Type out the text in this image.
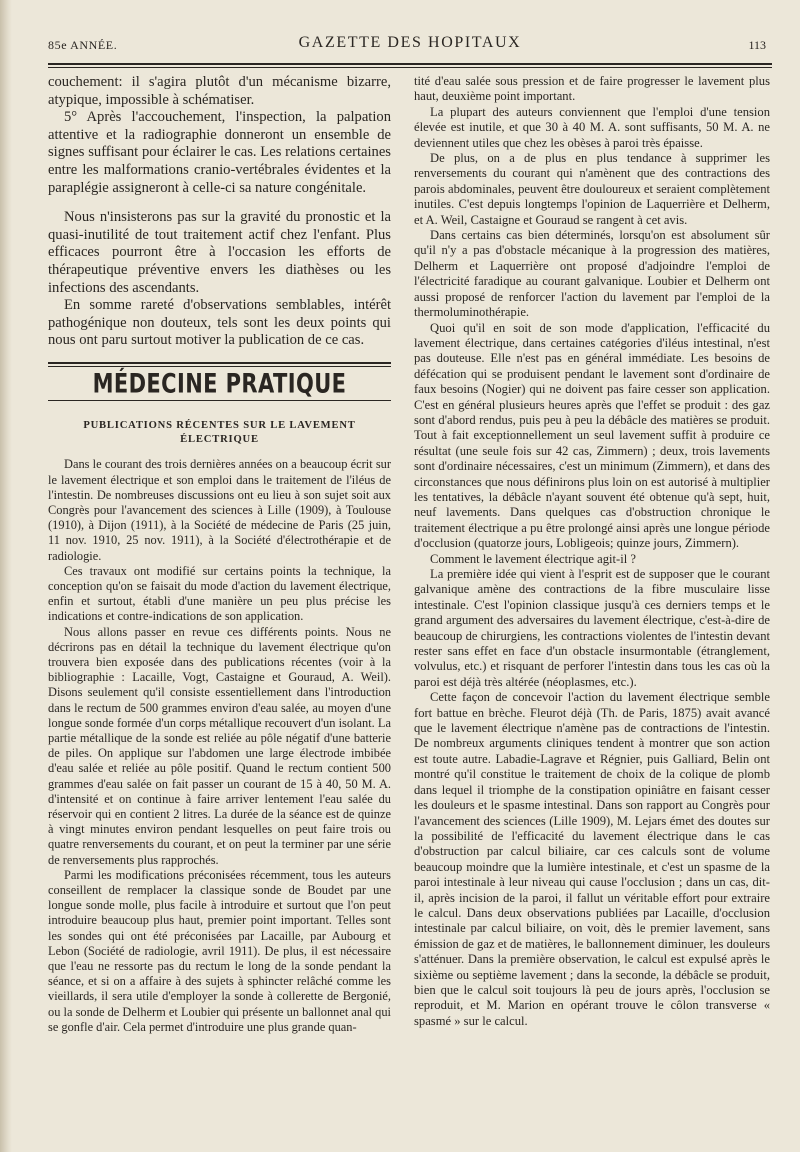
85e ANNÉE.	GAZETTE DES HOPITAUX	113

couchement: il s'agira plutôt d'un mécanisme bizarre, atypique, impossible à schématiser.

5° Après l'accouchement, l'inspection, la palpation attentive et la radiographie donneront un ensemble de signes suffisant pour éclairer le cas. Les relations certaines entre les malformations cranio-vertébrales évidentes et la paraplégie assigneront à celle-ci sa nature congénitale.

Nous n'insisterons pas sur la gravité du pronostic et la quasi-inutilité de tout traitement actif chez l'enfant. Plus efficaces pourront être à l'occasion les efforts de thérapeutique préventive envers les diathèses ou les infections des ascendants.

En somme rareté d'observations semblables, intérêt pathogénique non douteux, tels sont les deux points qui nous ont paru surtout motiver la publication de ce cas.

MÉDECINE PRATIQUE
PUBLICATIONS RÉCENTES SUR LE LAVEMENT ÉLECTRIQUE

Dans le courant des trois dernières années on a beaucoup écrit sur le lavement électrique et son emploi dans le traitement de l'iléus de l'intestin. De nombreuses discussions ont eu lieu à son sujet soit aux Congrès pour l'avancement des sciences à Lille (1909), à Toulouse (1910), à Dijon (1911), à la Société de médecine de Paris (25 juin, 11 nov. 1910, 25 nov. 1911), à la Société d'électrothérapie et de radiologie.

Ces travaux ont modifié sur certains points la technique, la conception qu'on se faisait du mode d'action du lavement électrique, enfin et surtout, établi d'une manière un peu plus précise les indications et contre-indications de son application.

Nous allons passer en revue ces différents points. Nous ne décrirons pas en détail la technique du lavement électrique qu'on trouvera bien exposée dans des publications récentes (voir à la bibliographie : Lacaille, Vogt, Castaigne et Gouraud, A. Weil). Disons seulement qu'il consiste essentiellement dans l'introduction dans le rectum de 500 grammes environ d'eau salée, au moyen d'une longue sonde formée d'un corps métallique recouvert d'un isolant. La partie métallique de la sonde est reliée au pôle négatif d'une batterie de piles. On applique sur l'abdomen une large électrode imbibée d'eau salée et reliée au pôle positif. Quand le rectum contient 500 grammes d'eau salée on fait passer un courant de 15 à 40, 50 M. A. d'intensité et on continue à faire arriver lentement l'eau salée du réservoir qui en contient 2 litres. La durée de la séance est de quinze à vingt minutes environ pendant lesquelles on peut faire trois ou quatre renversements du courant, et on peut la terminer par une série de renversements plus rapprochés.

Parmi les modifications préconisées récemment, tous les auteurs conseillent de remplacer la classique sonde de Boudet par une longue sonde molle, plus facile à introduire et surtout que l'on peut introduire beaucoup plus haut, premier point important. Telles sont les sondes qui ont été préconisées par Lacaille, par Aubourg et Lebon (Société de radiologie, avril 1911). De plus, il est nécessaire que l'eau ne ressorte pas du rectum le long de la sonde pendant la séance, et si on a affaire à des sujets à sphincter relâché comme les vieillards, il sera utile d'employer la sonde à collerette de Bergonié, ou la sonde de Delherm et Loubier qui présente un ballonnet anal qui se gonfle d'air. Cela permet d'introduire une plus grande quan-

tité d'eau salée sous pression et de faire progresser le lavement plus haut, deuxième point important.

La plupart des auteurs conviennent que l'emploi d'une tension élevée est inutile, et que 30 à 40 M. A. sont suffisants, 50 M. A. ne deviennent utiles que chez les obèses à paroi très épaisse.

De plus, on a de plus en plus tendance à supprimer les renversements du courant qui n'amènent que des contractions des parois abdominales, peuvent être douloureux et seraient complètement inutiles. C'est depuis longtemps l'opinion de Laquerrière et Delherm, et A. Weil, Castaigne et Gouraud se rangent à cet avis.

Dans certains cas bien déterminés, lorsqu'on est absolument sûr qu'il n'y a pas d'obstacle mécanique à la progression des matières, Delherm et Laquerrière ont proposé d'adjoindre l'emploi de l'électricité faradique au courant galvanique. Loubier et Delherm ont aussi proposé de renforcer l'action du lavement par l'emploi de la thermoluminothérapie.

Quoi qu'il en soit de son mode d'application, l'efficacité du lavement électrique, dans certaines catégories d'iléus intestinal, n'est pas douteuse. Elle n'est pas en général immédiate. Les besoins de défécation qui se produisent pendant le lavement sont d'ordinaire de faux besoins (Nogier) qui ne doivent pas faire cesser son application. C'est en général plusieurs heures après que l'effet se produit : des gaz sont d'abord rendus, puis peu à peu la débâcle des matières se produit. Tout à fait exceptionnellement un seul lavement suffit à produire ce résultat (une seule fois sur 42 cas, Zimmern) ; deux, trois lavements sont d'ordinaire nécessaires, c'est un minimum (Zimmern), et dans des circonstances que nous définirons plus loin on est autorisé à multiplier les tentatives, la débâcle n'ayant souvent été obtenue qu'à sept, huit, neuf lavements. Dans quelques cas d'obstruction chronique le traitement électrique a pu être prolongé ainsi après une longue période d'occlusion (quatorze jours, Lobligeois; quinze jours, Zimmern).

Comment le lavement électrique agit-il ?

La première idée qui vient à l'esprit est de supposer que le courant galvanique amène des contractions de la fibre musculaire lisse intestinale. C'est l'opinion classique jusqu'à ces derniers temps et le grand argument des adversaires du lavement électrique, c'est-à-dire de beaucoup de chirurgiens, les contractions violentes de l'intestin devant rester sans effet en face d'un obstacle insurmontable (étranglement, volvulus, etc.) et risquant de perforer l'intestin dans tous les cas où la paroi est déjà très altérée (néoplasmes, etc.).

Cette façon de concevoir l'action du lavement électrique semble fort battue en brèche. Fleurot déjà (Th. de Paris, 1875) avait avancé que le lavement électrique n'amène pas de contractions de l'intestin. De nombreux arguments cliniques tendent à montrer que son action est toute autre. Labadie-Lagrave et Régnier, puis Galliard, Belin ont montré qu'il constitue le traitement de choix de la colique de plomb dans lequel il triomphe de la constipation opiniâtre en faisant cesser les douleurs et le spasme intestinal. Dans son rapport au Congrès pour l'avancement des sciences (Lille 1909), M. Lejars émet des doutes sur la possibilité de l'efficacité du lavement électrique dans le cas d'obstruction par calcul biliaire, car ces calculs sont de volume beaucoup moindre que la lumière intestinale, et c'est un spasme de la paroi intestinale à leur niveau qui cause l'occlusion ; dans un cas, dit-il, après incision de la paroi, il fallut un véritable effort pour extraire le calcul. Dans deux observations publiées par Lacaille, d'occlusion intestinale par calcul biliaire, on voit, dès le premier lavement, sans émission de gaz et de matières, le ballonnement diminuer, les douleurs s'atténuer. Dans la première observation, le calcul est expulsé après le sixième ou septième lavement ; dans la seconde, la débâcle se produit, bien que le calcul soit toujours là peu de jours après, l'occlusion se reproduit, et M. Marion en opérant trouve le côlon transverse « spasmé » sur le calcul.
